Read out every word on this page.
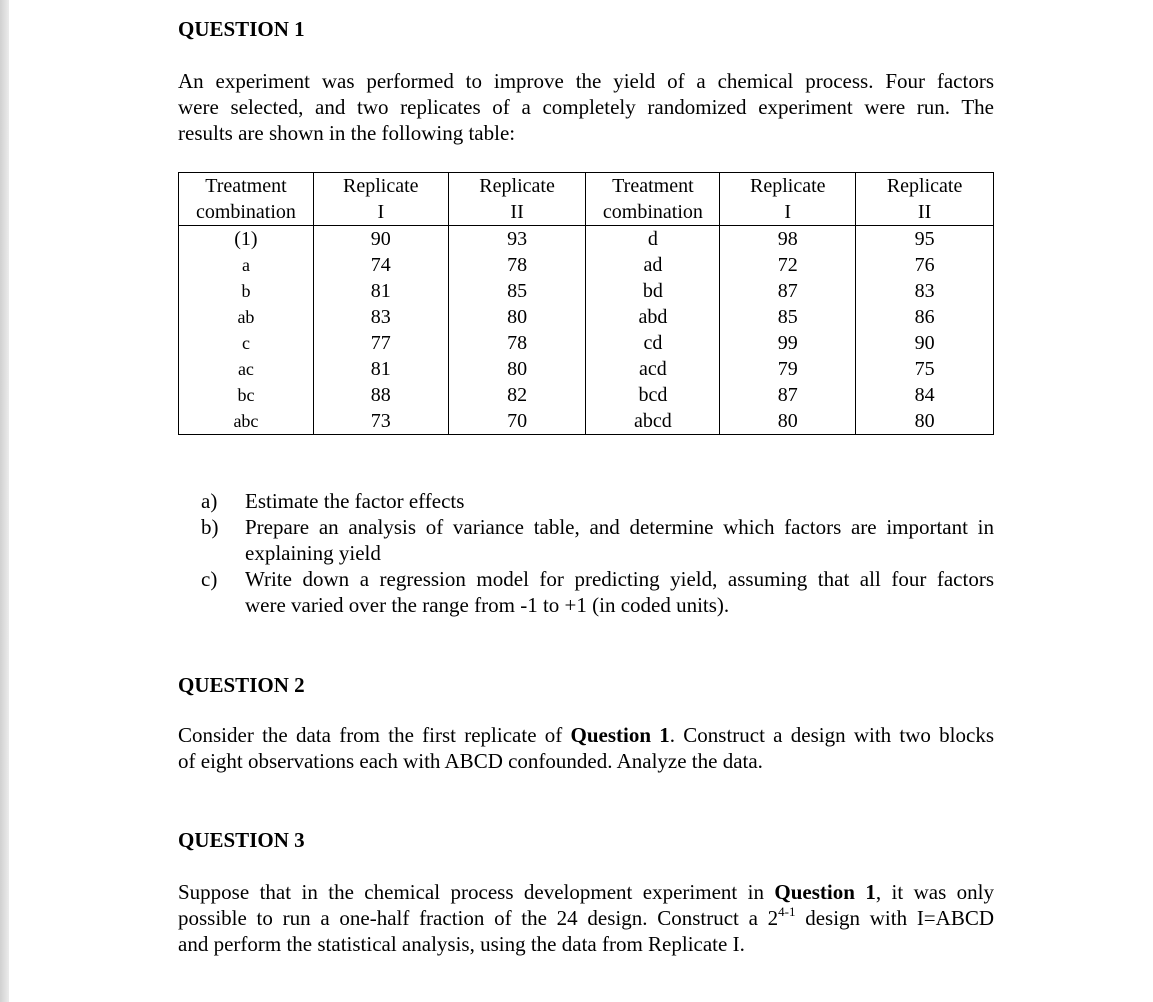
QUESTION 1
An experiment was performed to improve the yield of a chemical process. Four factors
were selected, and two replicates of a completely randomized experiment were run. The
results are shown in the following table:
Treatment	Replicate	Replicate	Treatment	Replicate	Replicate
combination	I	II	combination	I	II
(1)	90	93	d	98	95
a	74	78	ad	72	76
b	81	85	bd	87	83
ab	83	80	abd	85	86
c	77	78	cd	99	90
ac	81	80	acd	79	75
bc	88	82	bcd	87	84
abc	73	70	abcd	80	80
a) Estimate the factor effects
b) Prepare an analysis of variance table, and determine which factors are important in
explaining yield
c) Write down a regression model for predicting yield, assuming that all four factors
were varied over the range from -1 to +1 (in coded units).
QUESTION 2
Consider the data from the first replicate of Question 1. Construct a design with two blocks
of eight observations each with ABCD confounded. Analyze the data.
QUESTION 3
Suppose that in the chemical process development experiment in Question 1, it was only
possible to run a one-half fraction of the 24 design. Construct a 2$^{4-1}$ design with I=ABCD
and perform the statistical analysis, using the data from Replicate I.
